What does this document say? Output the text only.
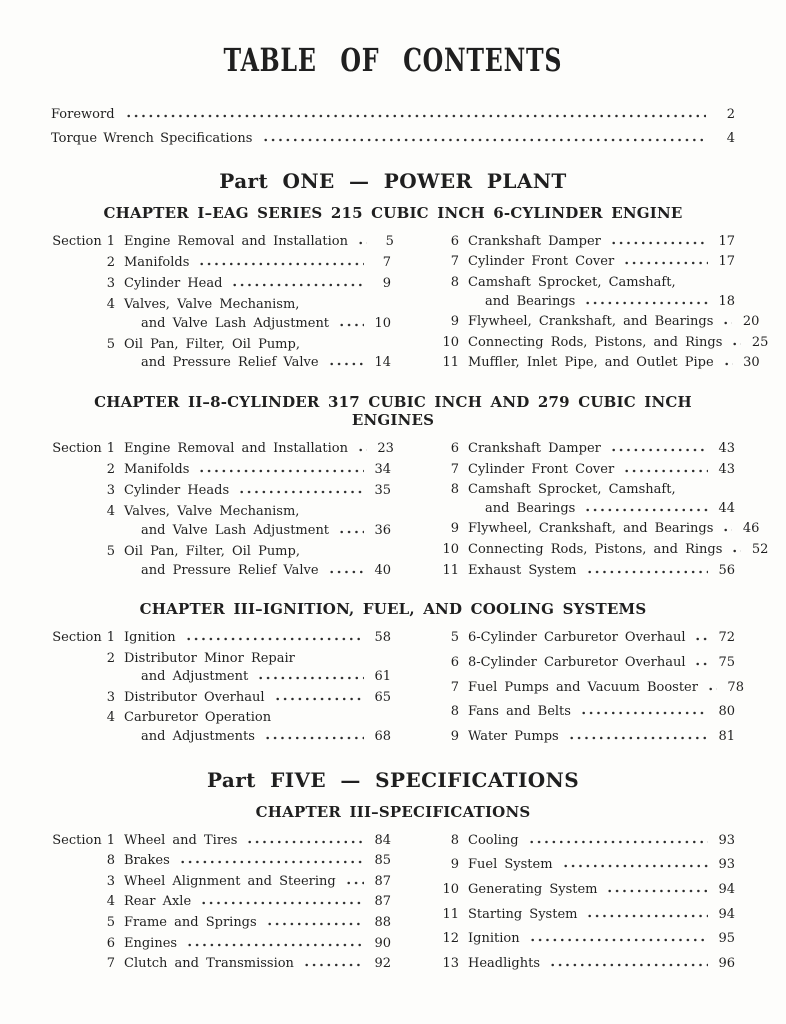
TABLE OF CONTENTS
Foreword	2
Torque Wrench Specifications	4
Part ONE — POWER PLANT
CHAPTER I–EAG SERIES 215 CUBIC INCH 6-CYLINDER ENGINE
Section 1 Engine Removal and Installation	5
2 Manifolds	7
3 Cylinder Head	9
4 Valves, Valve Mechanism,
and Valve Lash Adjustment	10
5 Oil Pan, Filter, Oil Pump,
and Pressure Relief Valve	14
6 Crankshaft Damper	17
7 Cylinder Front Cover	17
8 Camshaft Sprocket, Camshaft,
and Bearings	18
9 Flywheel, Crankshaft, and Bearings	20
10 Connecting Rods, Pistons, and Rings	25
11 Muffler, Inlet Pipe, and Outlet Pipe	30
CHAPTER II–8-CYLINDER 317 CUBIC INCH AND 279 CUBIC INCH ENGINES
Section 1 Engine Removal and Installation	23
2 Manifolds	34
3 Cylinder Heads	35
4 Valves, Valve Mechanism,
and Valve Lash Adjustment	36
5 Oil Pan, Filter, Oil Pump,
and Pressure Relief Valve	40
6 Crankshaft Damper	43
7 Cylinder Front Cover	43
8 Camshaft Sprocket, Camshaft,
and Bearings	44
9 Flywheel, Crankshaft, and Bearings	46
10 Connecting Rods, Pistons, and Rings	52
11 Exhaust System	56
CHAPTER III–IGNITION, FUEL, AND COOLING SYSTEMS
Section 1 Ignition	58
2 Distributor Minor Repair
and Adjustment	61
3 Distributor Overhaul	65
4 Carburetor Operation
and Adjustments	68
5 6-Cylinder Carburetor Overhaul	72
6 8-Cylinder Carburetor Overhaul	75
7 Fuel Pumps and Vacuum Booster	78
8 Fans and Belts	80
9 Water Pumps	81
Part FIVE — SPECIFICATIONS
CHAPTER III–SPECIFICATIONS
Section 1 Wheel and Tires	84
8 Brakes	85
3 Wheel Alignment and Steering	87
4 Rear Axle	87
5 Frame and Springs	88
6 Engines	90
7 Clutch and Transmission	92
8 Cooling	93
9 Fuel System	93
10 Generating System	94
11 Starting System	94
12 Ignition	95
13 Headlights	96
